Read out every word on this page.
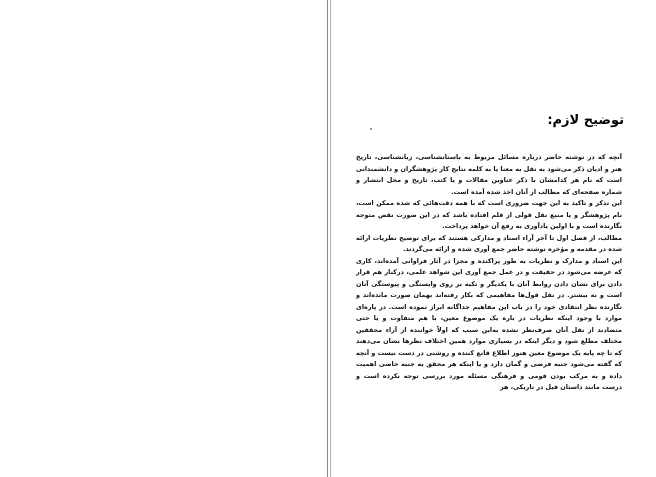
توضیح لازم:

آنچه که در نوشته حاضر درباره مسائل مربوط به باستانشناسی، زبانشناسی، تاریخ هنر و ادیان ذکر می‌شود به نقل به معنا یا به کلمه نتایج کار پژوهشگران و دانشمندانی است که نام هر کدامشان با ذکر عناوین مقالات و یا کتب، تاریخ و محل انتشار و شماره صفحه‌ای که مطالب از آنان اخذ شده آمده است.

این تذکر و تاکید به این جهت ضروری است که با همه دقت‌هائی که شده ممکن است، نام پژوهشگر و یا منبع نقل قولی از قلم افتاده باشد که در این صورت نقص متوجه نگارنده است و با اولین یادآوری به رفع آن خواهد پرداخت.

مطالب، از فصل اول تا آخر آراء اسناد و مدارکی هستند که برای توضیح نظریات ارائه شده در مقدمه و مؤخره نوشته حاضر جمع آوری شده و ارائه می‌گردند.

این اسناد و مدارک و نظریات به طور پراکنده و مجزا در آثار فراوانی آمده‌اند، کاری که عرضه می‌شود در حقیقت و در عمل جمع آوری این شواهد علمی، درکنار هم قرار دادن برای نشان دادن روابط آنان با یکدیگر و تکیه بر روی وابستگی و پیوستگی آنان است و نه بیشتر. در نقل قول‌ها مفاهیمی که بکار رفته‌اند بهمان صورت مانده‌اند و نگارنده نظر انتقادی خود را در باب این مفاهیم جداگانه ابراز نموده است. در پاره‌ای موارد با وجود اینکه نظریات در باره یک موضوع معین، با هم متفاوت و یا حتی متضادند از نقل آنان صرف‌نظر نشده به‌این سبب که اولاً خواننده از آراء محققین مختلف مطلع شود و دیگر اینکه در بسیاری موارد همین اختلاف نظرها نشان می‌دهند که تا چه پایه یک موضوع معین هنوز اطلاع قانع کننده و روشنی در دست نیست و آنچه که گفته می‌شود جنبه فرضی و گمان دارد و یا اینکه هر محقق به جنبه خاصی اهمیت داده و به مرکب بودن قومی و فرهنگی مسئله مورد بررسی توجه نکرده است و درست مانند داستان فیل در تاریکی، هر
